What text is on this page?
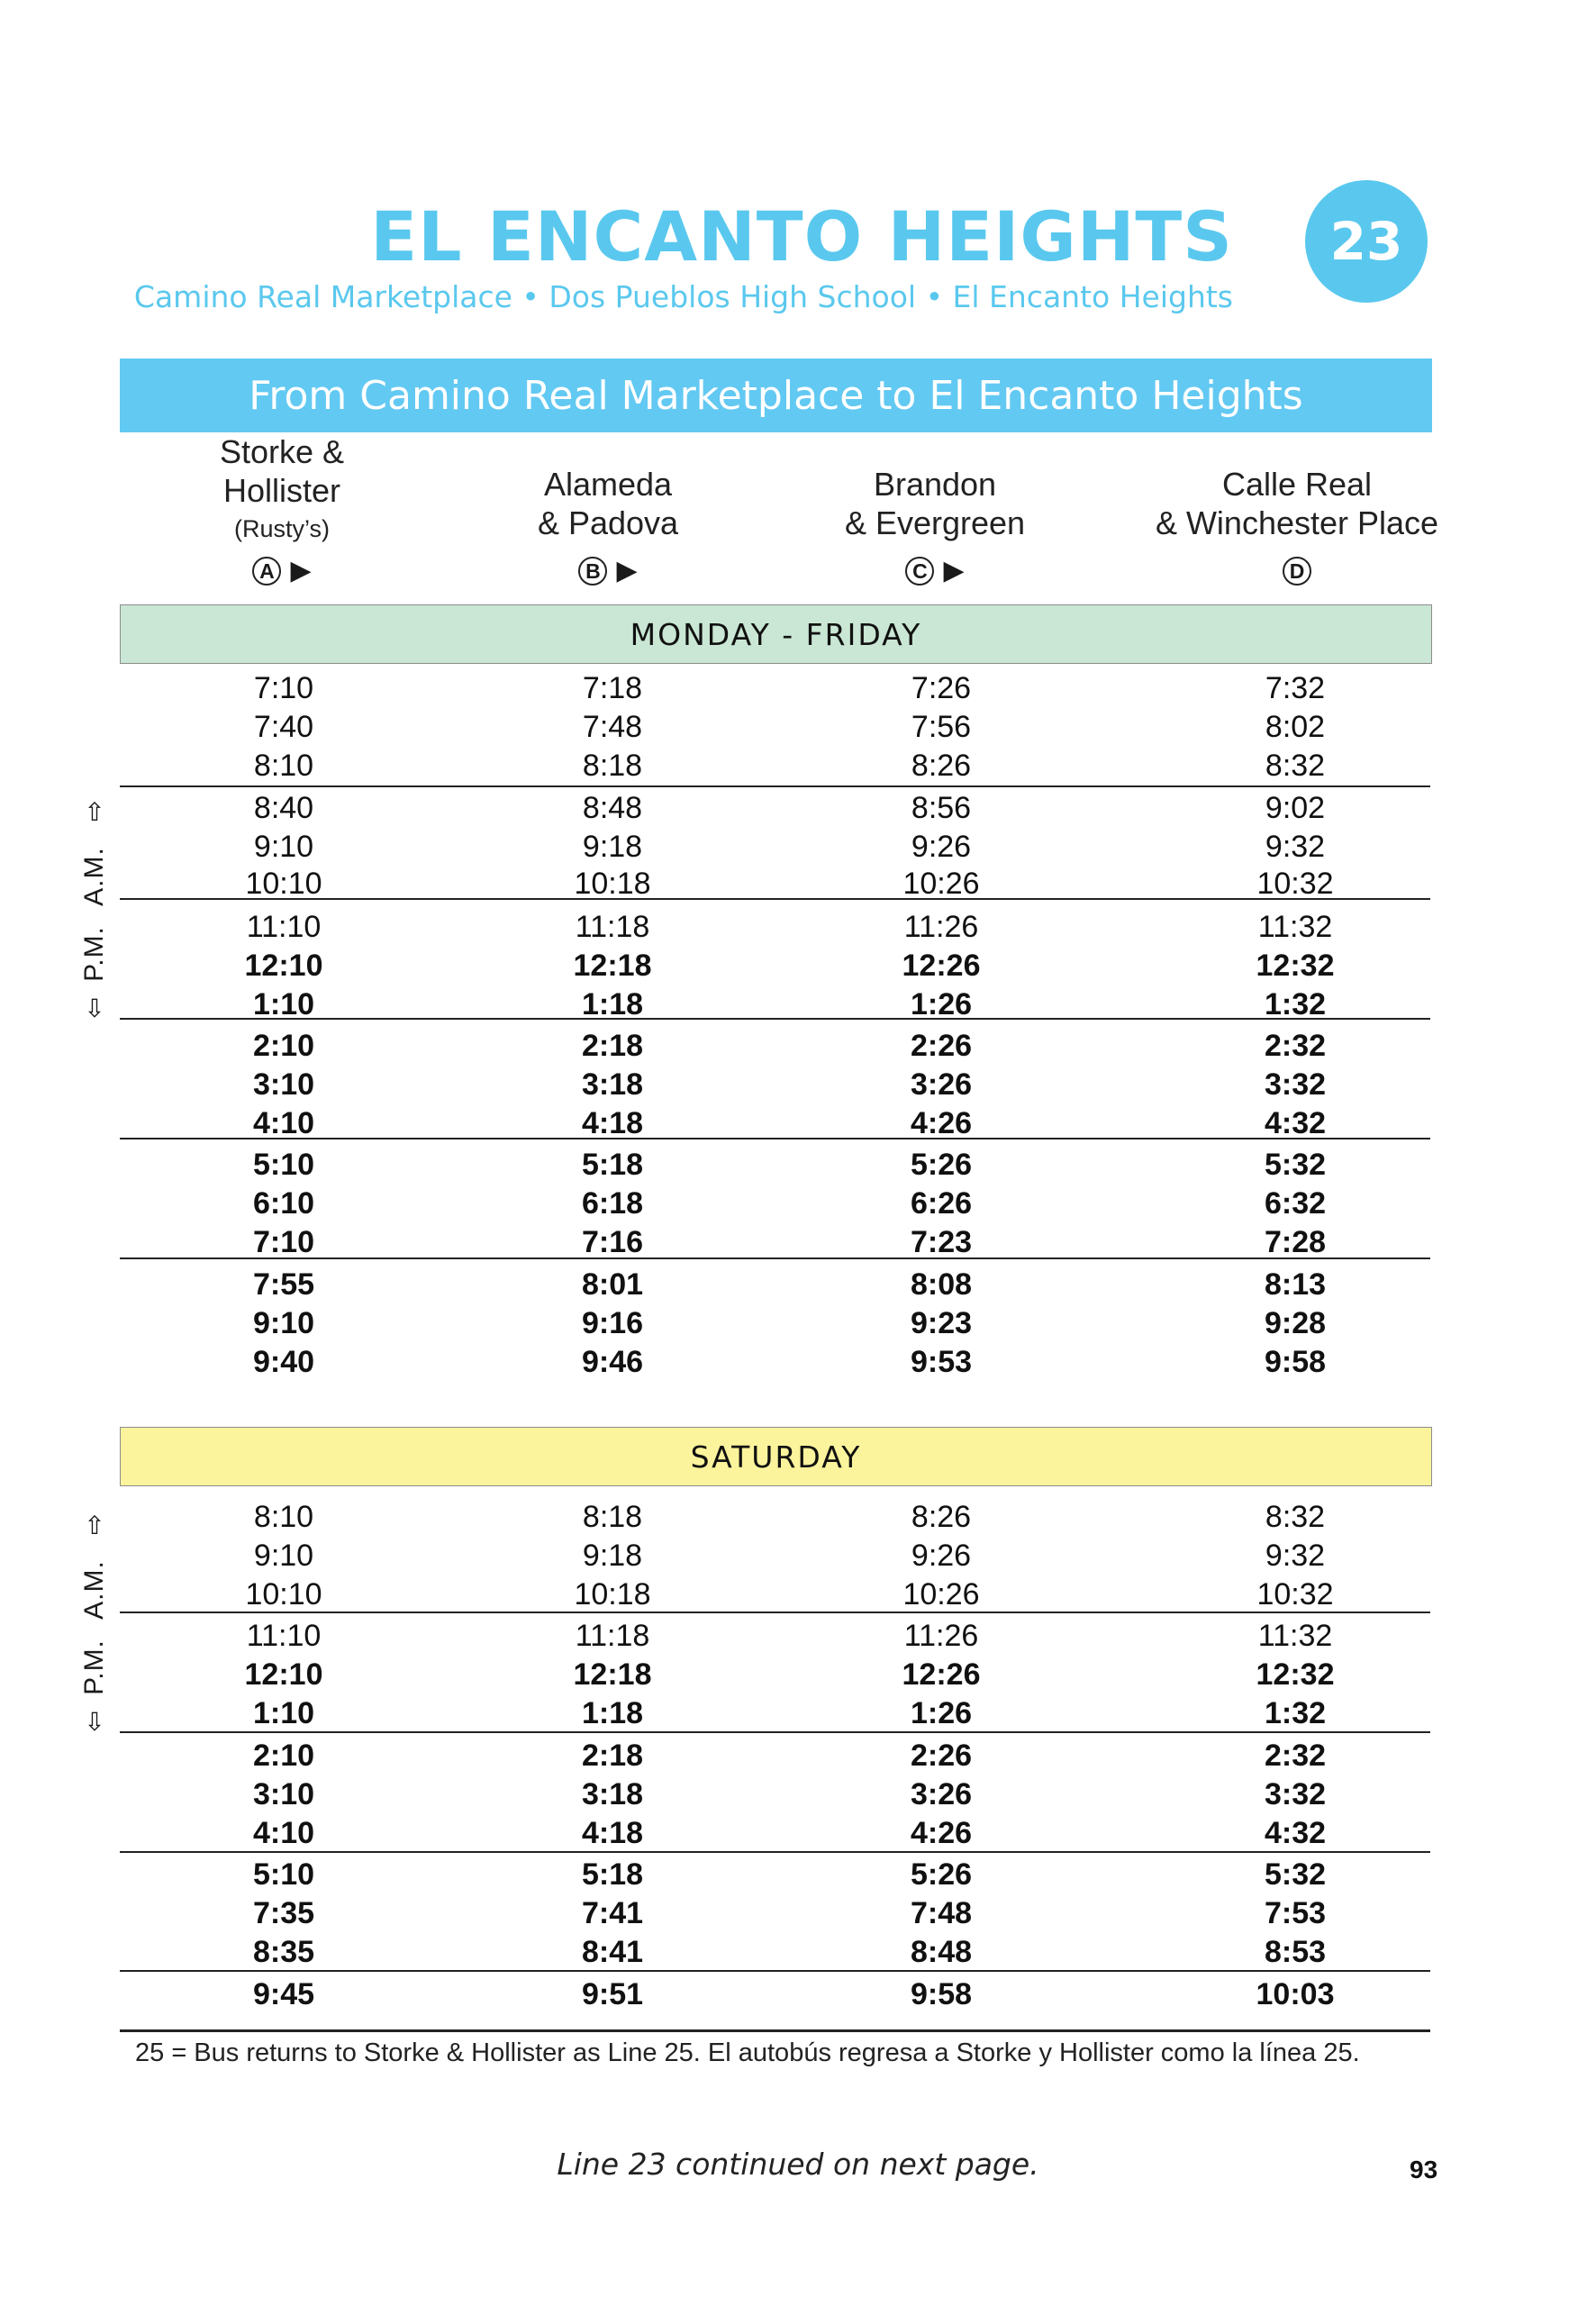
EL ENCANTO HEIGHTS
Camino Real Marketplace • Dos Pueblos High School • El Encanto Heights
23
From Camino Real Marketplace to El Encanto Heights
Storke &
Hollister
(Rusty’s)
Alameda
& Padova
Brandon
& Evergreen
Calle Real
& Winchester Place
A ▶	B ▶	C ▶	D
MONDAY - FRIDAY
7:10	7:18	7:26	7:32
7:40	7:48	7:56	8:02
8:10	8:18	8:26	8:32
8:40	8:48	8:56	9:02
9:10	9:18	9:26	9:32
10:10	10:18	10:26	10:32
11:10	11:18	11:26	11:32
12:10	12:18	12:26	12:32
1:10	1:18	1:26	1:32
2:10	2:18	2:26	2:32
3:10	3:18	3:26	3:32
4:10	4:18	4:26	4:32
5:10	5:18	5:26	5:32
6:10	6:18	6:26	6:32
7:10	7:16	7:23	7:28
7:55	8:01	8:08	8:13
9:10	9:16	9:23	9:28
9:40	9:46	9:53	9:58
⇧
A.M.
P.M.
⇩
SATURDAY
8:10	8:18	8:26	8:32
9:10	9:18	9:26	9:32
10:10	10:18	10:26	10:32
11:10	11:18	11:26	11:32
12:10	12:18	12:26	12:32
1:10	1:18	1:26	1:32
2:10	2:18	2:26	2:32
3:10	3:18	3:26	3:32
4:10	4:18	4:26	4:32
5:10	5:18	5:26	5:32
7:35	7:41	7:48	7:53
8:35	8:41	8:48	8:53
9:45	9:51	9:58	10:03
⇧
A.M.
P.M.
⇩
25 = Bus returns to Storke & Hollister as Line 25. El autobús regresa a Storke y Hollister como la línea 25.
Line 23 continued on next page.	93
